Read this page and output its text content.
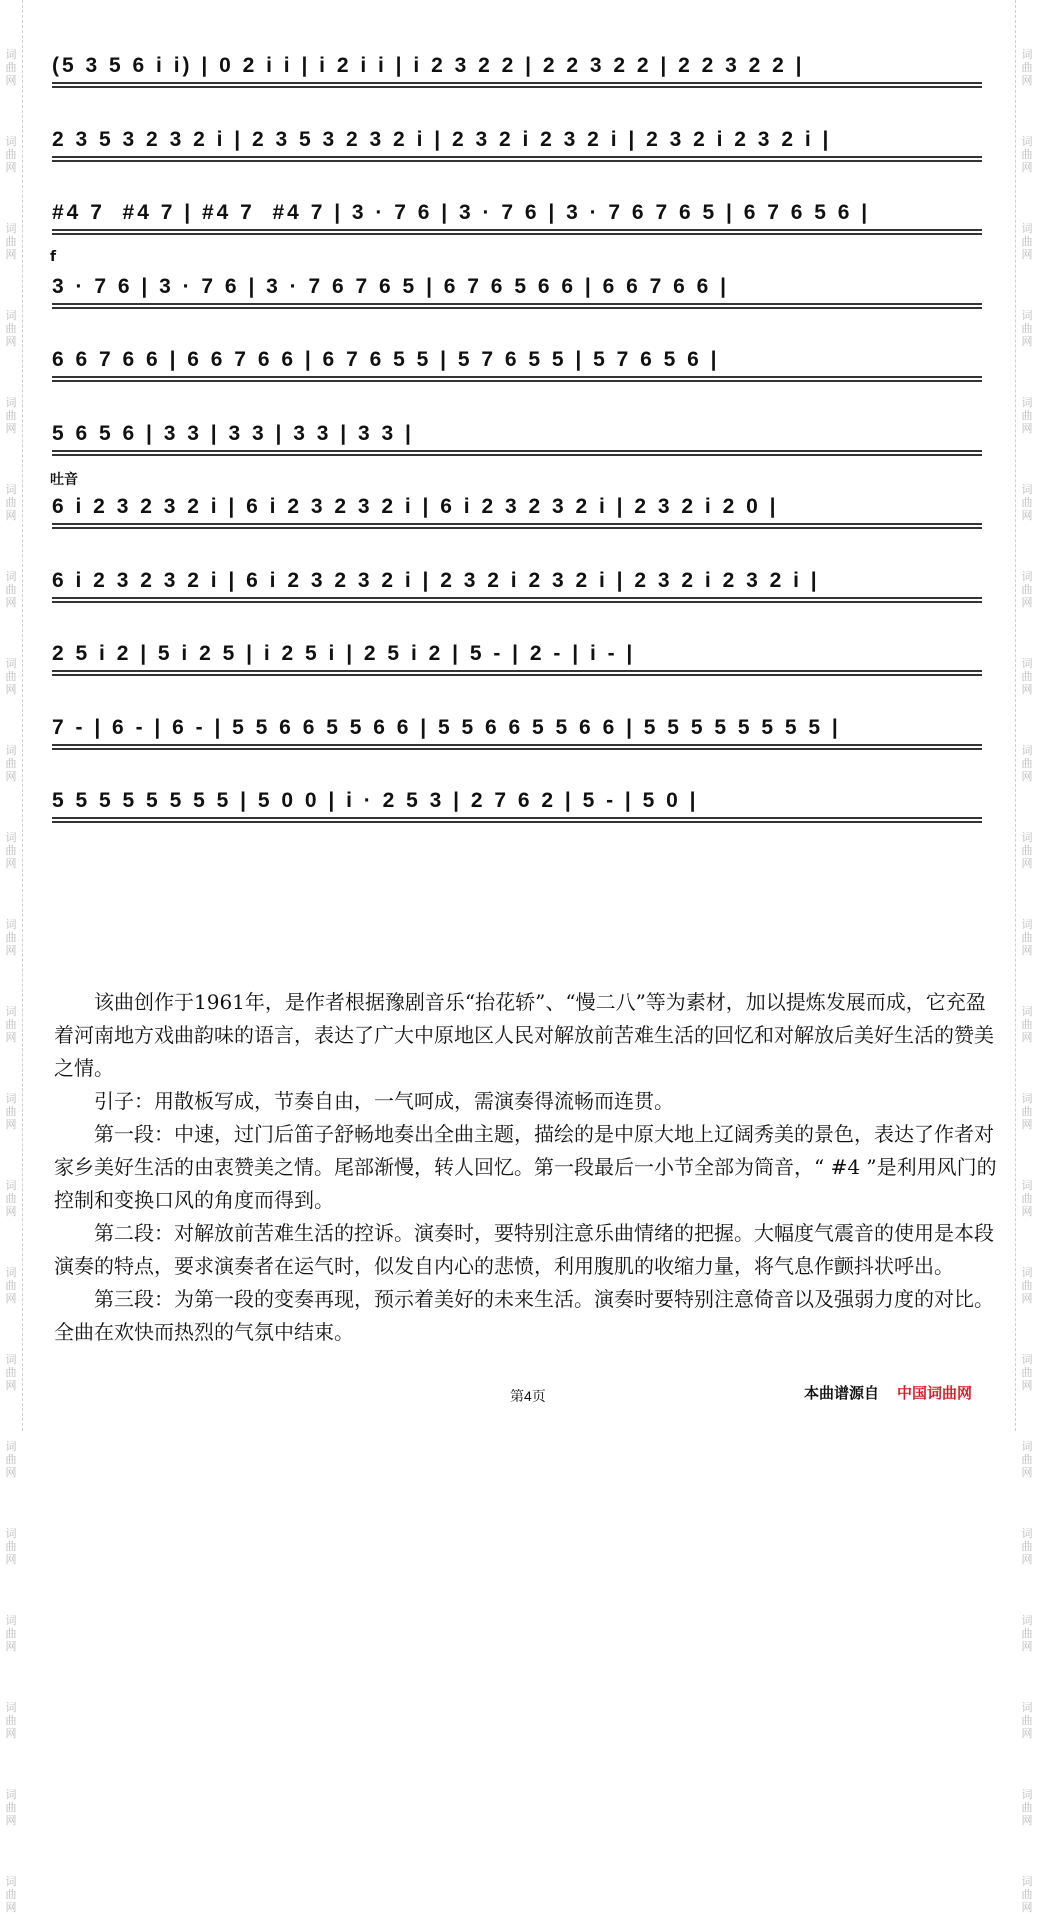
词
曲
网
词
曲
网
词
曲
网
词
曲
网
词
曲
网
词
曲
网
词
曲
网
词
曲
网
词
曲
网
词
曲
网
词
曲
网
词
曲
网
词
曲
网
词
曲
网
词
曲
网
词
曲
网
词
曲
网
词
曲
网
词
曲
网
词
曲
网
词
曲
网
词
曲
网
词
曲
网
词
曲
网
词
曲
网
词
曲
网
词
曲
网
词
曲
网
词
曲
网
词
曲
网
词
曲
网
词
曲
网
词
曲
网
词
曲
网
词
曲
网
词
曲
网
词
曲
网
词
曲
网
词
曲
网
词
曲
网
词
曲
网
词
曲
网
词
曲
网
词
曲
网
(5 3 5 6 i i) | 0 2 i i | i 2 i i | i 2 3 2 2 | 2 2 3 2 2 | 2 2 3 2 2 |
2 3 5 3 2 3 2 i | 2 3 5 3 2 3 2 i | 2 3 2 i 2 3 2 i | 2 3 2 i 2 3 2 i |
#4 7  #4 7 | #4 7  #4 7 | 3 · 7 6 | 3 · 7 6 | 3 · 7 6 7 6 5 | 6 7 6 5 6 |
f
3 · 7 6 | 3 · 7 6 | 3 · 7 6 7 6 5 | 6 7 6 5 6 6 | 6 6 7 6 6 |
6 6 7 6 6 | 6 6 7 6 6 | 6 7 6 5 5 | 5 7 6 5 5 | 5 7 6 5 6 |
5 6 5 6 | 3 3 | 3 3 | 3 3 | 3 3 |
吐音
6 i 2 3 2 3 2 i | 6 i 2 3 2 3 2 i | 6 i 2 3 2 3 2 i | 2 3 2 i 2 0 |
6 i 2 3 2 3 2 i | 6 i 2 3 2 3 2 i | 2 3 2 i 2 3 2 i | 2 3 2 i 2 3 2 i |
2 5 i 2 | 5 i 2 5 | i 2 5 i | 2 5 i 2 | 5 - | 2 - | i - |
7 - | 6 - | 6 - | 5 5 6 6 5 5 6 6 | 5 5 6 6 5 5 6 6 | 5 5 5 5 5 5 5 5 |
5 5 5 5 5 5 5 5 | 5 0 0 | i · 2 5 3 | 2 7 6 2 | 5 - | 5 0 |

该曲创作于1961年，是作者根据豫剧音乐“抬花轿”、“慢二八”等为素材，加以提炼发展而成，它充盈着河南地方戏曲韵味的语言，表达了广大中原地区人民对解放前苦难生活的回忆和对解放后美好生活的赞美之情。

引子：用散板写成，节奏自由，一气呵成，需演奏得流畅而连贯。

第一段：中速，过门后笛子舒畅地奏出全曲主题，描绘的是中原大地上辽阔秀美的景色，表达了作者对家乡美好生活的由衷赞美之情。尾部渐慢，转人回忆。第一段最后一小节全部为筒音，“ #4 ”是利用风门的控制和变换口风的角度而得到。

第二段：对解放前苦难生活的控诉。演奏时，要特别注意乐曲情绪的把握。大幅度气震音的使用是本段演奏的特点，要求演奏者在运气时，似发自内心的悲愤，利用腹肌的收缩力量，将气息作颤抖状呼出。

第三段：为第一段的变奏再现，预示着美好的未来生活。演奏时要特别注意倚音以及强弱力度的对比。全曲在欢快而热烈的气氛中结束。

第4页	本曲谱源自 中国词曲网
